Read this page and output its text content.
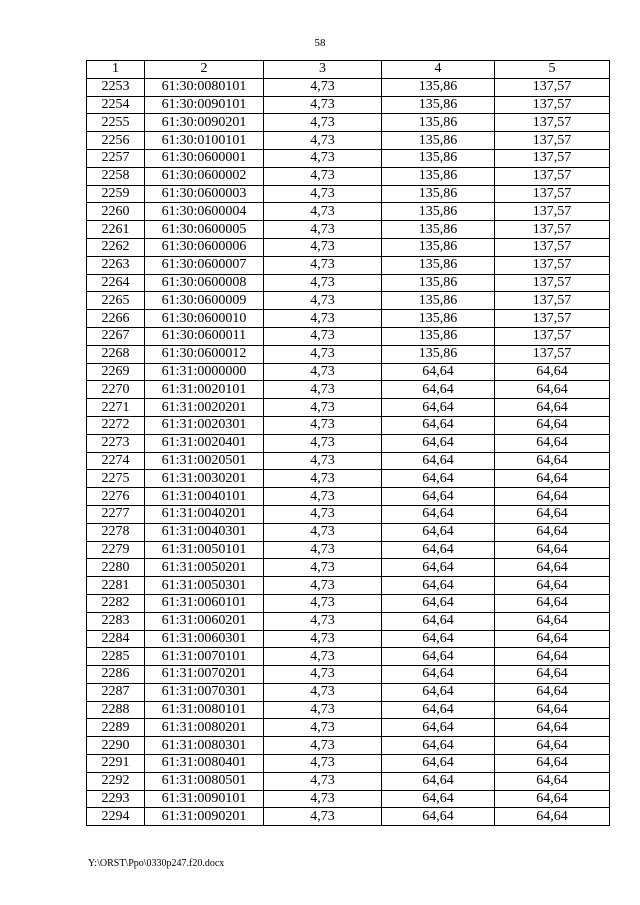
58
1	2	3	4	5
2253	61:30:0080101	4,73	135,86	137,57
2254	61:30:0090101	4,73	135,86	137,57
2255	61:30:0090201	4,73	135,86	137,57
2256	61:30:0100101	4,73	135,86	137,57
2257	61:30:0600001	4,73	135,86	137,57
2258	61:30:0600002	4,73	135,86	137,57
2259	61:30:0600003	4,73	135,86	137,57
2260	61:30:0600004	4,73	135,86	137,57
2261	61:30:0600005	4,73	135,86	137,57
2262	61:30:0600006	4,73	135,86	137,57
2263	61:30:0600007	4,73	135,86	137,57
2264	61:30:0600008	4,73	135,86	137,57
2265	61:30:0600009	4,73	135,86	137,57
2266	61:30:0600010	4,73	135,86	137,57
2267	61:30:0600011	4,73	135,86	137,57
2268	61:30:0600012	4,73	135,86	137,57
2269	61:31:0000000	4,73	64,64	64,64
2270	61:31:0020101	4,73	64,64	64,64
2271	61:31:0020201	4,73	64,64	64,64
2272	61:31:0020301	4,73	64,64	64,64
2273	61:31:0020401	4,73	64,64	64,64
2274	61:31:0020501	4,73	64,64	64,64
2275	61:31:0030201	4,73	64,64	64,64
2276	61:31:0040101	4,73	64,64	64,64
2277	61:31:0040201	4,73	64,64	64,64
2278	61:31:0040301	4,73	64,64	64,64
2279	61:31:0050101	4,73	64,64	64,64
2280	61:31:0050201	4,73	64,64	64,64
2281	61:31:0050301	4,73	64,64	64,64
2282	61:31:0060101	4,73	64,64	64,64
2283	61:31:0060201	4,73	64,64	64,64
2284	61:31:0060301	4,73	64,64	64,64
2285	61:31:0070101	4,73	64,64	64,64
2286	61:31:0070201	4,73	64,64	64,64
2287	61:31:0070301	4,73	64,64	64,64
2288	61:31:0080101	4,73	64,64	64,64
2289	61:31:0080201	4,73	64,64	64,64
2290	61:31:0080301	4,73	64,64	64,64
2291	61:31:0080401	4,73	64,64	64,64
2292	61:31:0080501	4,73	64,64	64,64
2293	61:31:0090101	4,73	64,64	64,64
2294	61:31:0090201	4,73	64,64	64,64
Y:\ORST\Ppo\0330p247.f20.docx
